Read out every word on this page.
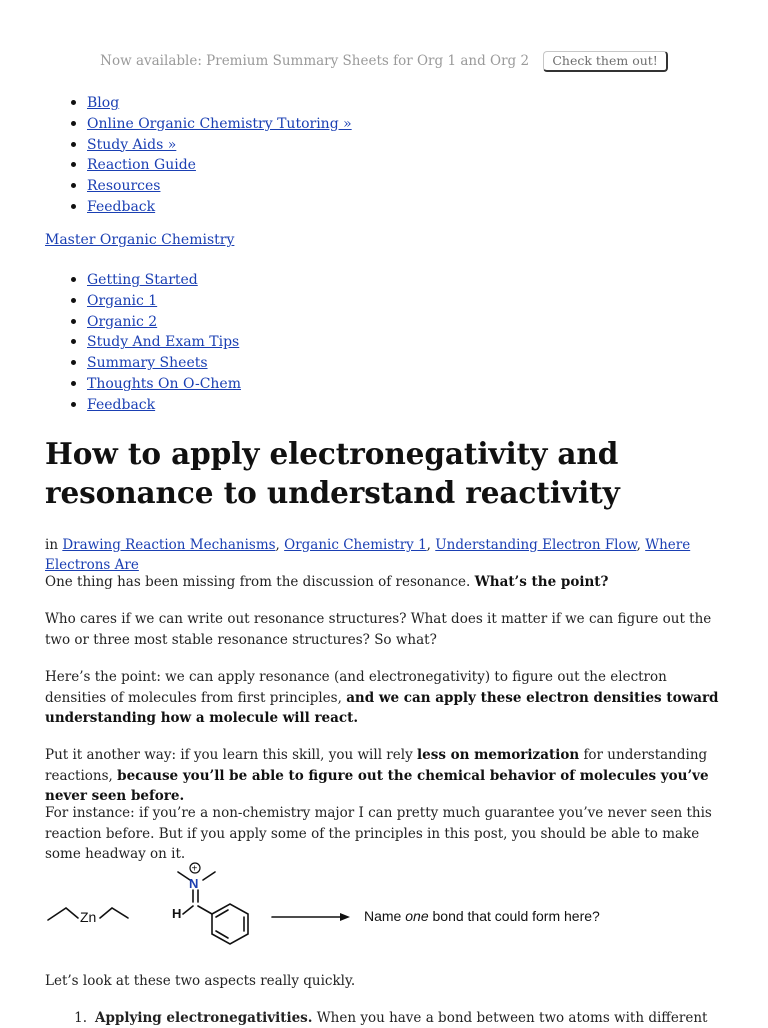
Now available: Premium Summary Sheets for Org 1 and Org 2 Check them out!
• Blog
• Online Organic Chemistry Tutoring »
• Study Aids »
• Reaction Guide
• Resources
• Feedback
Master Organic Chemistry
• Getting Started
• Organic 1
• Organic 2
• Study And Exam Tips
• Summary Sheets
• Thoughts On O-Chem
• Feedback
How to apply electronegativity and resonance to understand reactivity
in Drawing Reaction Mechanisms, Organic Chemistry 1, Understanding Electron Flow, Where Electrons Are

One thing has been missing from the discussion of resonance. What’s the point?

Who cares if we can write out resonance structures? What does it matter if we can figure out the two or three most stable resonance structures? So what?

Here’s the point: we can apply resonance (and electronegativity) to figure out the electron densities of molecules from first principles, and we can apply these electron densities toward understanding how a molecule will react.

Put it another way: if you learn this skill, you will rely less on memorization for understanding reactions, because you’ll be able to figure out the chemical behavior of molecules you’ve never seen before.

For instance: if you’re a non-chemistry major I can pretty much guarantee you’ve never seen this reaction before. But if you apply some of the principles in this post, you should be able to make some headway on it.

Zn
N
+
H	Name one bond that could form here?

Let’s look at these two aspects really quickly.

1. Applying electronegativities. When you have a bond between two atoms with different
